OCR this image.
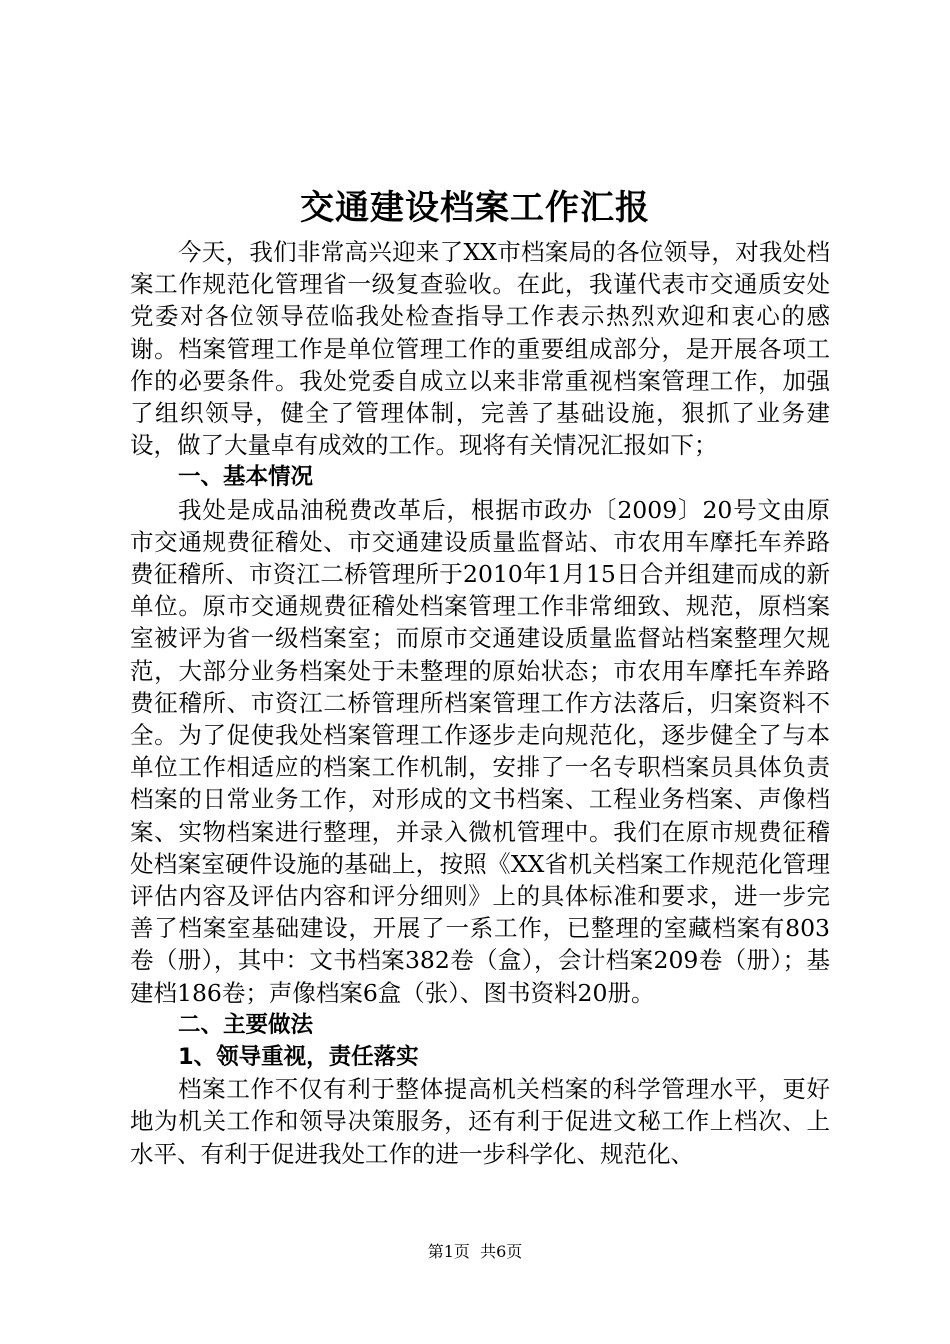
交通建设档案工作汇报

今天，我们非常高兴迎来了XX市档案局的各位领导，对我处档案工作规范化管理省一级复查验收。在此，我谨代表市交通质安处党委对各位领导莅临我处检查指导工作表示热烈欢迎和衷心的感谢。档案管理工作是单位管理工作的重要组成部分，是开展各项工作的必要条件。我处党委自成立以来非常重视档案管理工作，加强了组织领导，健全了管理体制，完善了基础设施，狠抓了业务建设，做了大量卓有成效的工作。现将有关情况汇报如下；

一、基本情况

我处是成品油税费改革后，根据市政办〔2009〕20号文由原市交通规费征稽处、市交通建设质量监督站、市农用车摩托车养路费征稽所、市资江二桥管理所于2010年1月15日合并组建而成的新单位。原市交通规费征稽处档案管理工作非常细致、规范，原档案室被评为省一级档案室；而原市交通建设质量监督站档案整理欠规范，大部分业务档案处于未整理的原始状态；市农用车摩托车养路费征稽所、市资江二桥管理所档案管理工作方法落后，归案资料不全。为了促使我处档案管理工作逐步走向规范化，逐步健全了与本单位工作相适应的档案工作机制，安排了一名专职档案员具体负责档案的日常业务工作，对形成的文书档案、工程业务档案、声像档案、实物档案进行整理，并录入微机管理中。我们在原市规费征稽处档案室硬件设施的基础上，按照《XX省机关档案工作规范化管理评估内容及评估内容和评分细则》上的具体标准和要求，进一步完善了档案室基础建设，开展了一系工作，已整理的室藏档案有803卷（册），其中：文书档案382卷（盒），会计档案209卷（册）；基建档186卷；声像档案6盒（张）、图书资料20册。

二、主要做法

1、领导重视，责任落实

档案工作不仅有利于整体提高机关档案的科学管理水平，更好地为机关工作和领导决策服务，还有利于促进文秘工作上档次、上水平、有利于促进我处工作的进一步科学化、规范化、

第1页 共6页
